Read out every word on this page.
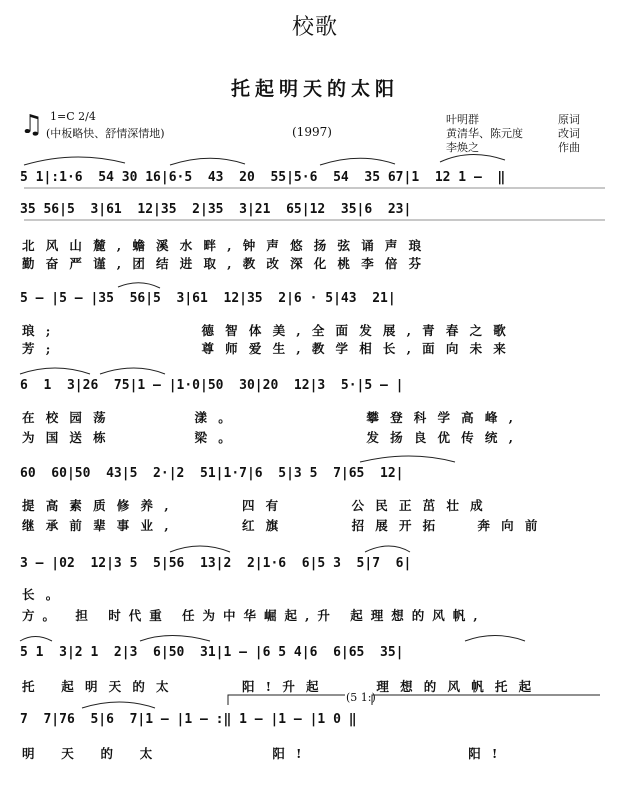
校歌
托起明天的太阳
♫ 1=C 2/4
(中板略快、舒情深情地)	(1997)
叶明群	原词
黄清华、陈元度	改词
李焕之	作曲
5 1|:1·6  54 30 16|6·5  43  20  55|5·6  54  35 67|1  12 1 —  ‖
35 56|5  3|61  12|35  2|35  3|21  65|12  35|6  23|
北风山麓,蟾溪水畔,钟声悠扬弦诵声琅
勤奋严谨,团结进取,教改深化桃李倍芬
5 — |5 — |35  56|5  3|61  12|35  2|6 · 5|43  21|
琅;         德智体美,全面发展,青春之歌
芳;         尊师爱生,教学相长,面向未来
6  1  3|26  75|1 — |1·0|50  30|20  12|3  5·|5 — |
在校园荡     漾。        攀登科学高峰,
为国送栋     梁。        发扬良优传统,
60  60|50  43|5  2·|2  51|1·7|6  5|3 5  7|65  12|
提高素质修养,    四有    公民正茁壮成
继承前辈事业,    红旗    招展开拓  奔向前
3 — |02  12|3 5  5|56  13|2  2|1·6  6|5 3  5|7  6|
长。
方。 担 时代重 任为中华崛起,升 起理想的风帆,
5 1  3|2 1  2|3  6|50  31|1 — |6 5 4|6  6|65  35|
托 起明天的太    阳!升起   理想的风帆托起
(5 1:)
7  7|76  5|6  7|1 — |1 — :‖ 1 — |1 — |1 0 ‖
明 天 的 太       阳!          阳!
